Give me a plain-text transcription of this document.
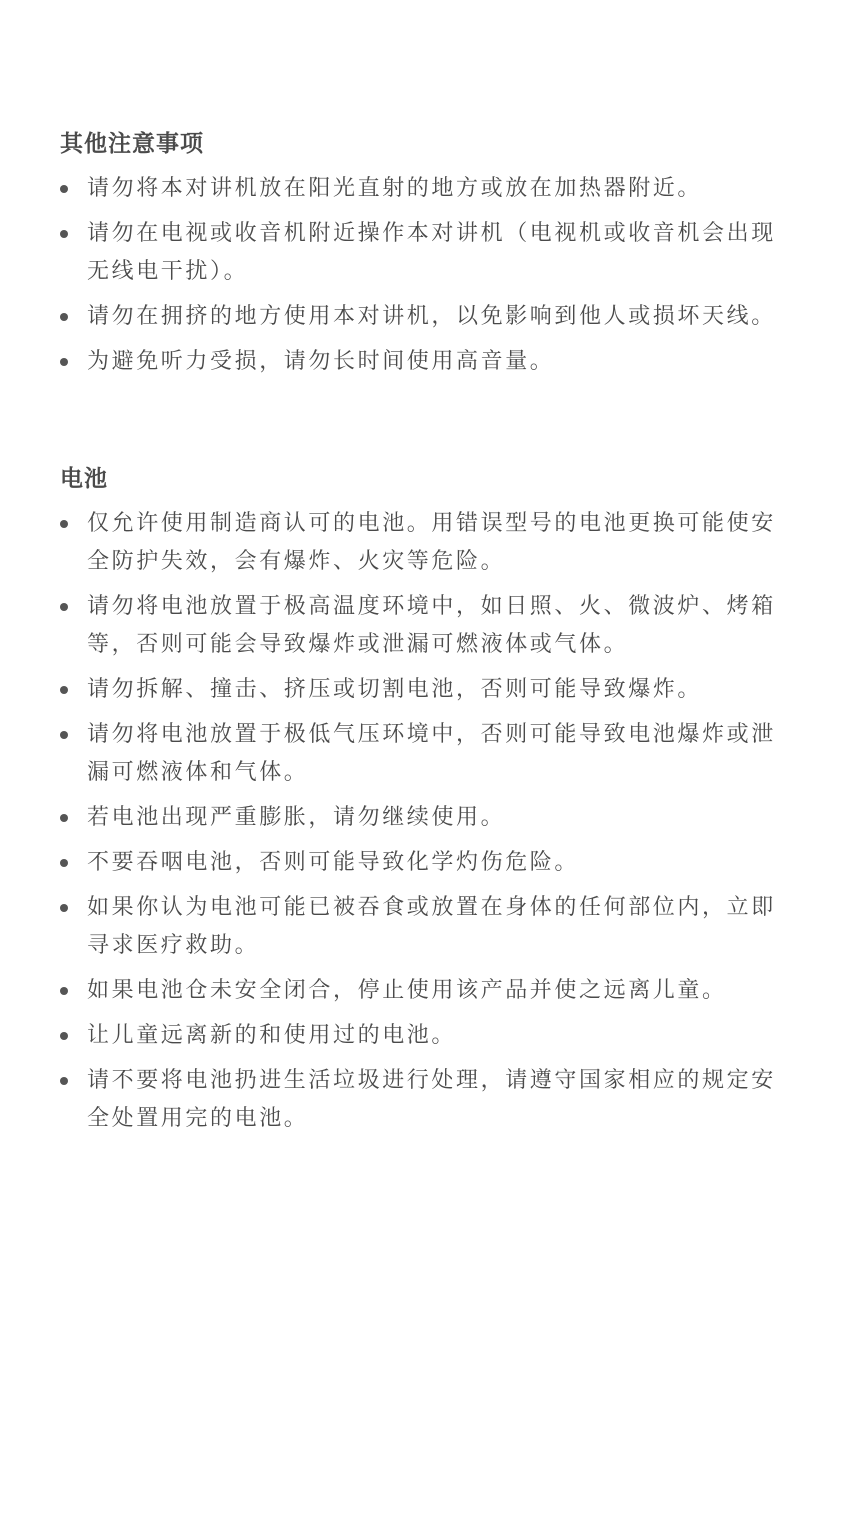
其他注意事项
请勿将本对讲机放在阳光直射的地方或放在加热器附近。
请勿在电视或收音机附近操作本对讲机（电视机或收音机会出现无线电干扰）。
请勿在拥挤的地方使用本对讲机，以免影响到他人或损坏天线。
为避免听力受损，请勿长时间使用高音量。
电池
仅允许使用制造商认可的电池。用错误型号的电池更换可能使安全防护失效，会有爆炸、火灾等危险。
请勿将电池放置于极高温度环境中，如日照、火、微波炉、烤箱等，否则可能会导致爆炸或泄漏可燃液体或气体。
请勿拆解、撞击、挤压或切割电池，否则可能导致爆炸。
请勿将电池放置于极低气压环境中，否则可能导致电池爆炸或泄漏可燃液体和气体。
若电池出现严重膨胀，请勿继续使用。
不要吞咽电池，否则可能导致化学灼伤危险。
如果你认为电池可能已被吞食或放置在身体的任何部位内，立即寻求医疗救助。
如果电池仓未安全闭合，停止使用该产品并使之远离儿童。
让儿童远离新的和使用过的电池。
请不要将电池扔进生活垃圾进行处理，请遵守国家相应的规定安全处置用完的电池。
